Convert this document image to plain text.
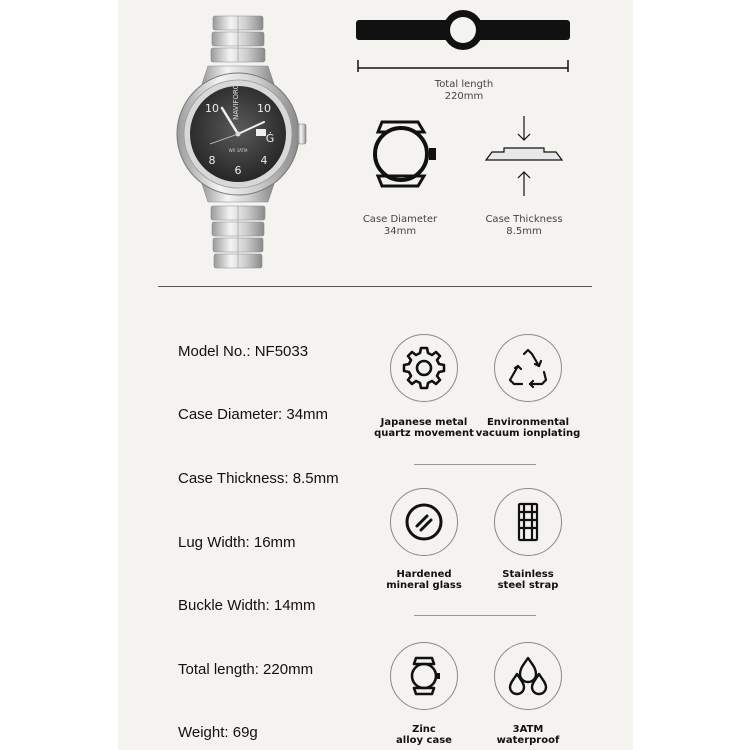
NAVIFORCE 10
Ġ
4
6
8
10
WR 3ATM
Total length
220mm
Case Diameter
34mm
Case Thickness
8.5mm
Model No.: NF5033
Case Diameter: 34mm
Case Thickness: 8.5mm
Lug Width: 16mm
Buckle Width: 14mm
Total length: 220mm
Weight: 69g
Japanese metal
quartz movement
Environmental
vacuum ionplating
Hardened
mineral glass
Stainless
steel strap
Zinc
alloy case
3ATM
waterproof
